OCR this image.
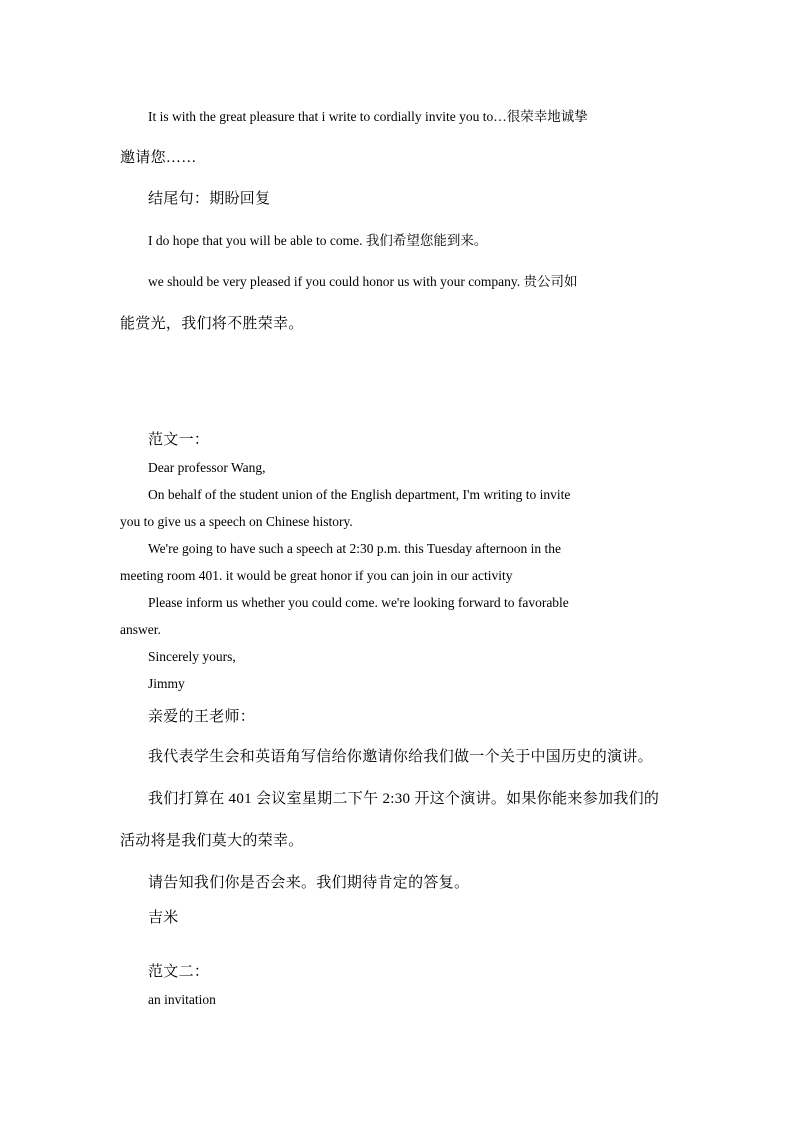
It is with the great pleasure that i write to cordially invite you to…很荣幸地诚挚
邀请您……
结尾句：期盼回复
I do hope that you will be able to come. 我们希望您能到来。
we should be very pleased if you could honor us with your company. 贵公司如
能赏光，我们将不胜荣幸。
范文一：
Dear professor Wang,
On behalf of the student union of the English department, I'm writing to invite
you to give us a speech on Chinese history.
We're going to have such a speech at 2:30 p.m. this Tuesday afternoon in the
meeting room 401. it would be great honor if you can join in our activity
Please inform us whether you could come. we're looking forward to favorable
answer.
Sincerely yours,
Jimmy
亲爱的王老师：
我代表学生会和英语角写信给你邀请你给我们做一个关于中国历史的演讲。
我们打算在 401 会议室星期二下午 2:30 开这个演讲。如果你能来参加我们的
活动将是我们莫大的荣幸。
请告知我们你是否会来。我们期待肯定的答复。
吉米
范文二：
an invitation
